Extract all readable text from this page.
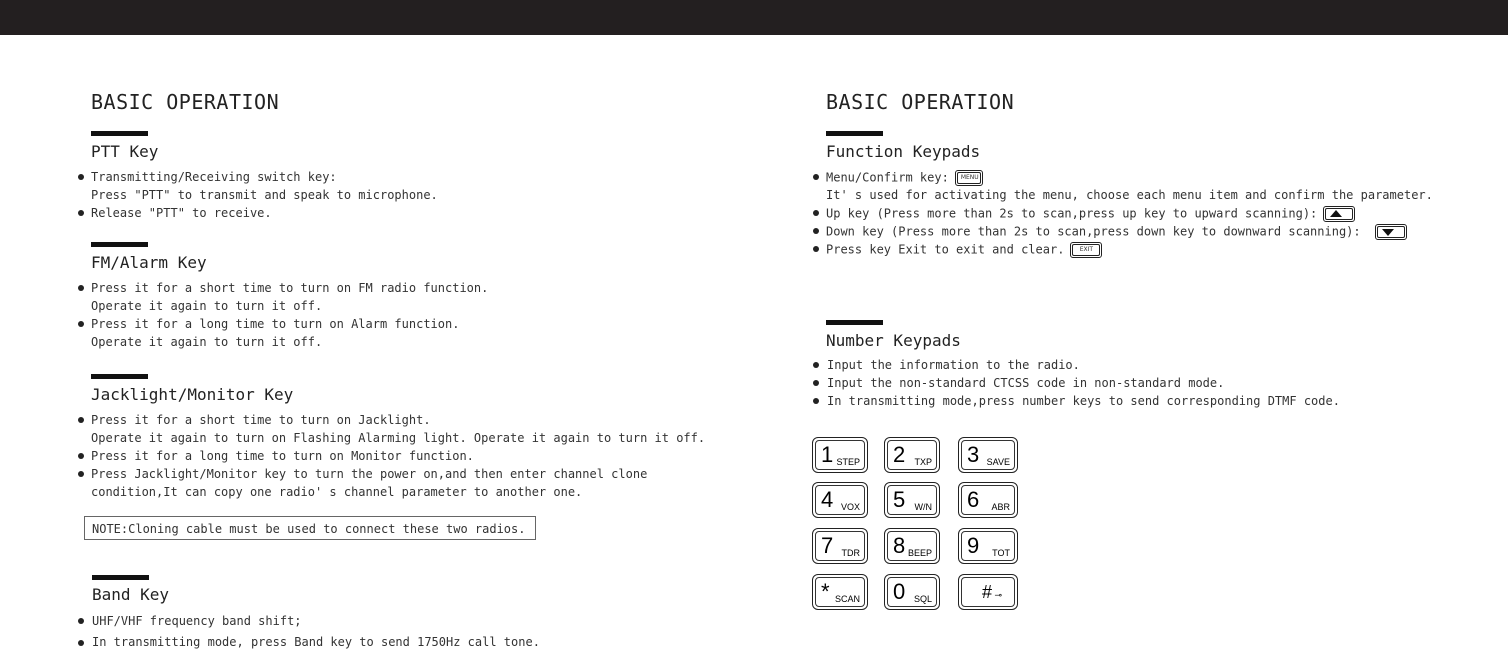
BASIC OPERATION
PTT Key
Transmitting/Receiving switch key:
Press "PTT" to transmit and speak to microphone.
Release "PTT" to receive.
FM/Alarm Key
Press it for a short time to turn on FM radio function.
Operate it again to turn it off.
Press it for a long time to turn on Alarm function.
Operate it again to turn it off.
Jacklight/Monitor Key
Press it for a short time to turn on Jacklight.
Operate it again to turn on Flashing Alarming light. Operate it again to turn it off.
Press it for a long time to turn on Monitor function.
Press Jacklight/Monitor key to turn the power on,and then enter channel clone
condition,It can copy one radio' s channel parameter to another one.
NOTE:Cloning cable must be used to connect these two radios.
Band Key
UHF/VHF frequency band shift;
In transmitting mode, press Band key to send 1750Hz call tone.
BASIC OPERATION
Function Keypads
Menu/Confirm key:	MENU
It' s used for activating the menu, choose each menu item and confirm the parameter.
Up key (Press more than 2s to scan,press up key to upward scanning):
Down key (Press more than 2s to scan,press down key to downward scanning):
Press key Exit to exit and clear.	EXIT
Number Keypads
Input the information to the radio.
Input the non-standard CTCSS code in non-standard mode.
In transmitting mode,press number keys to send corresponding DTMF code.
1 STEP 2 TXP 3 SAVE
4 VOX 5 W/N 6 ABR
7 TDR 8 BEEP 9 TOT
* SCAN 0 SQL	# ⊸
